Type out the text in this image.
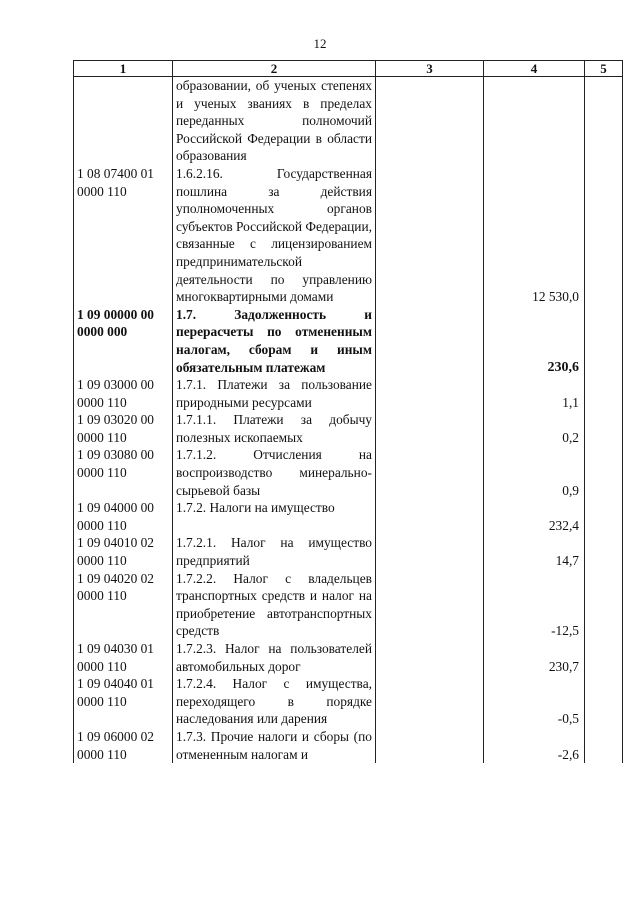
12
1	2	3	4	5
	образовании, об ученых степенях и ученых званиях в пределах переданных полномочий Российской Федерации в области образования			
1 08 07400 01
0000 110	1.6.2.16. Государственная пошлина за действия уполномоченных органов субъектов Российской Федерации, связанные с лицензированием предпринимательской деятельности по управлению многоквартирными домами		12 530,0	
1 09 00000 00
0000 000	1.7. Задолженность и перерасчеты по отмененным налогам, сборам и иным обязательным платежам		230,6	
1 09 03000 00
0000 110	1.7.1. Платежи за пользование природными ресурсами		1,1	
1 09 03020 00
0000 110	1.7.1.1. Платежи за добычу полезных ископаемых		0,2	
1 09 03080 00
0000 110	1.7.1.2. Отчисления на воспроизводство минерально-сырьевой базы		0,9	
1 09 04000 00
0000 110	1.7.2. Налоги на имущество		232,4	
1 09 04010 02
0000 110	1.7.2.1. Налог на имущество предприятий		14,7	
1 09 04020 02
0000 110	1.7.2.2. Налог с владельцев транспортных средств и налог на приобретение автотранспортных средств		-12,5	
1 09 04030 01
0000 110	1.7.2.3. Налог на пользователей автомобильных дорог		230,7	
1 09 04040 01
0000 110	1.7.2.4. Налог с имущества, переходящего в порядке наследования или дарения		-0,5	
1 09 06000 02
0000 110	1.7.3. Прочие налоги и сборы (по отмененным налогам и		-2,6	
